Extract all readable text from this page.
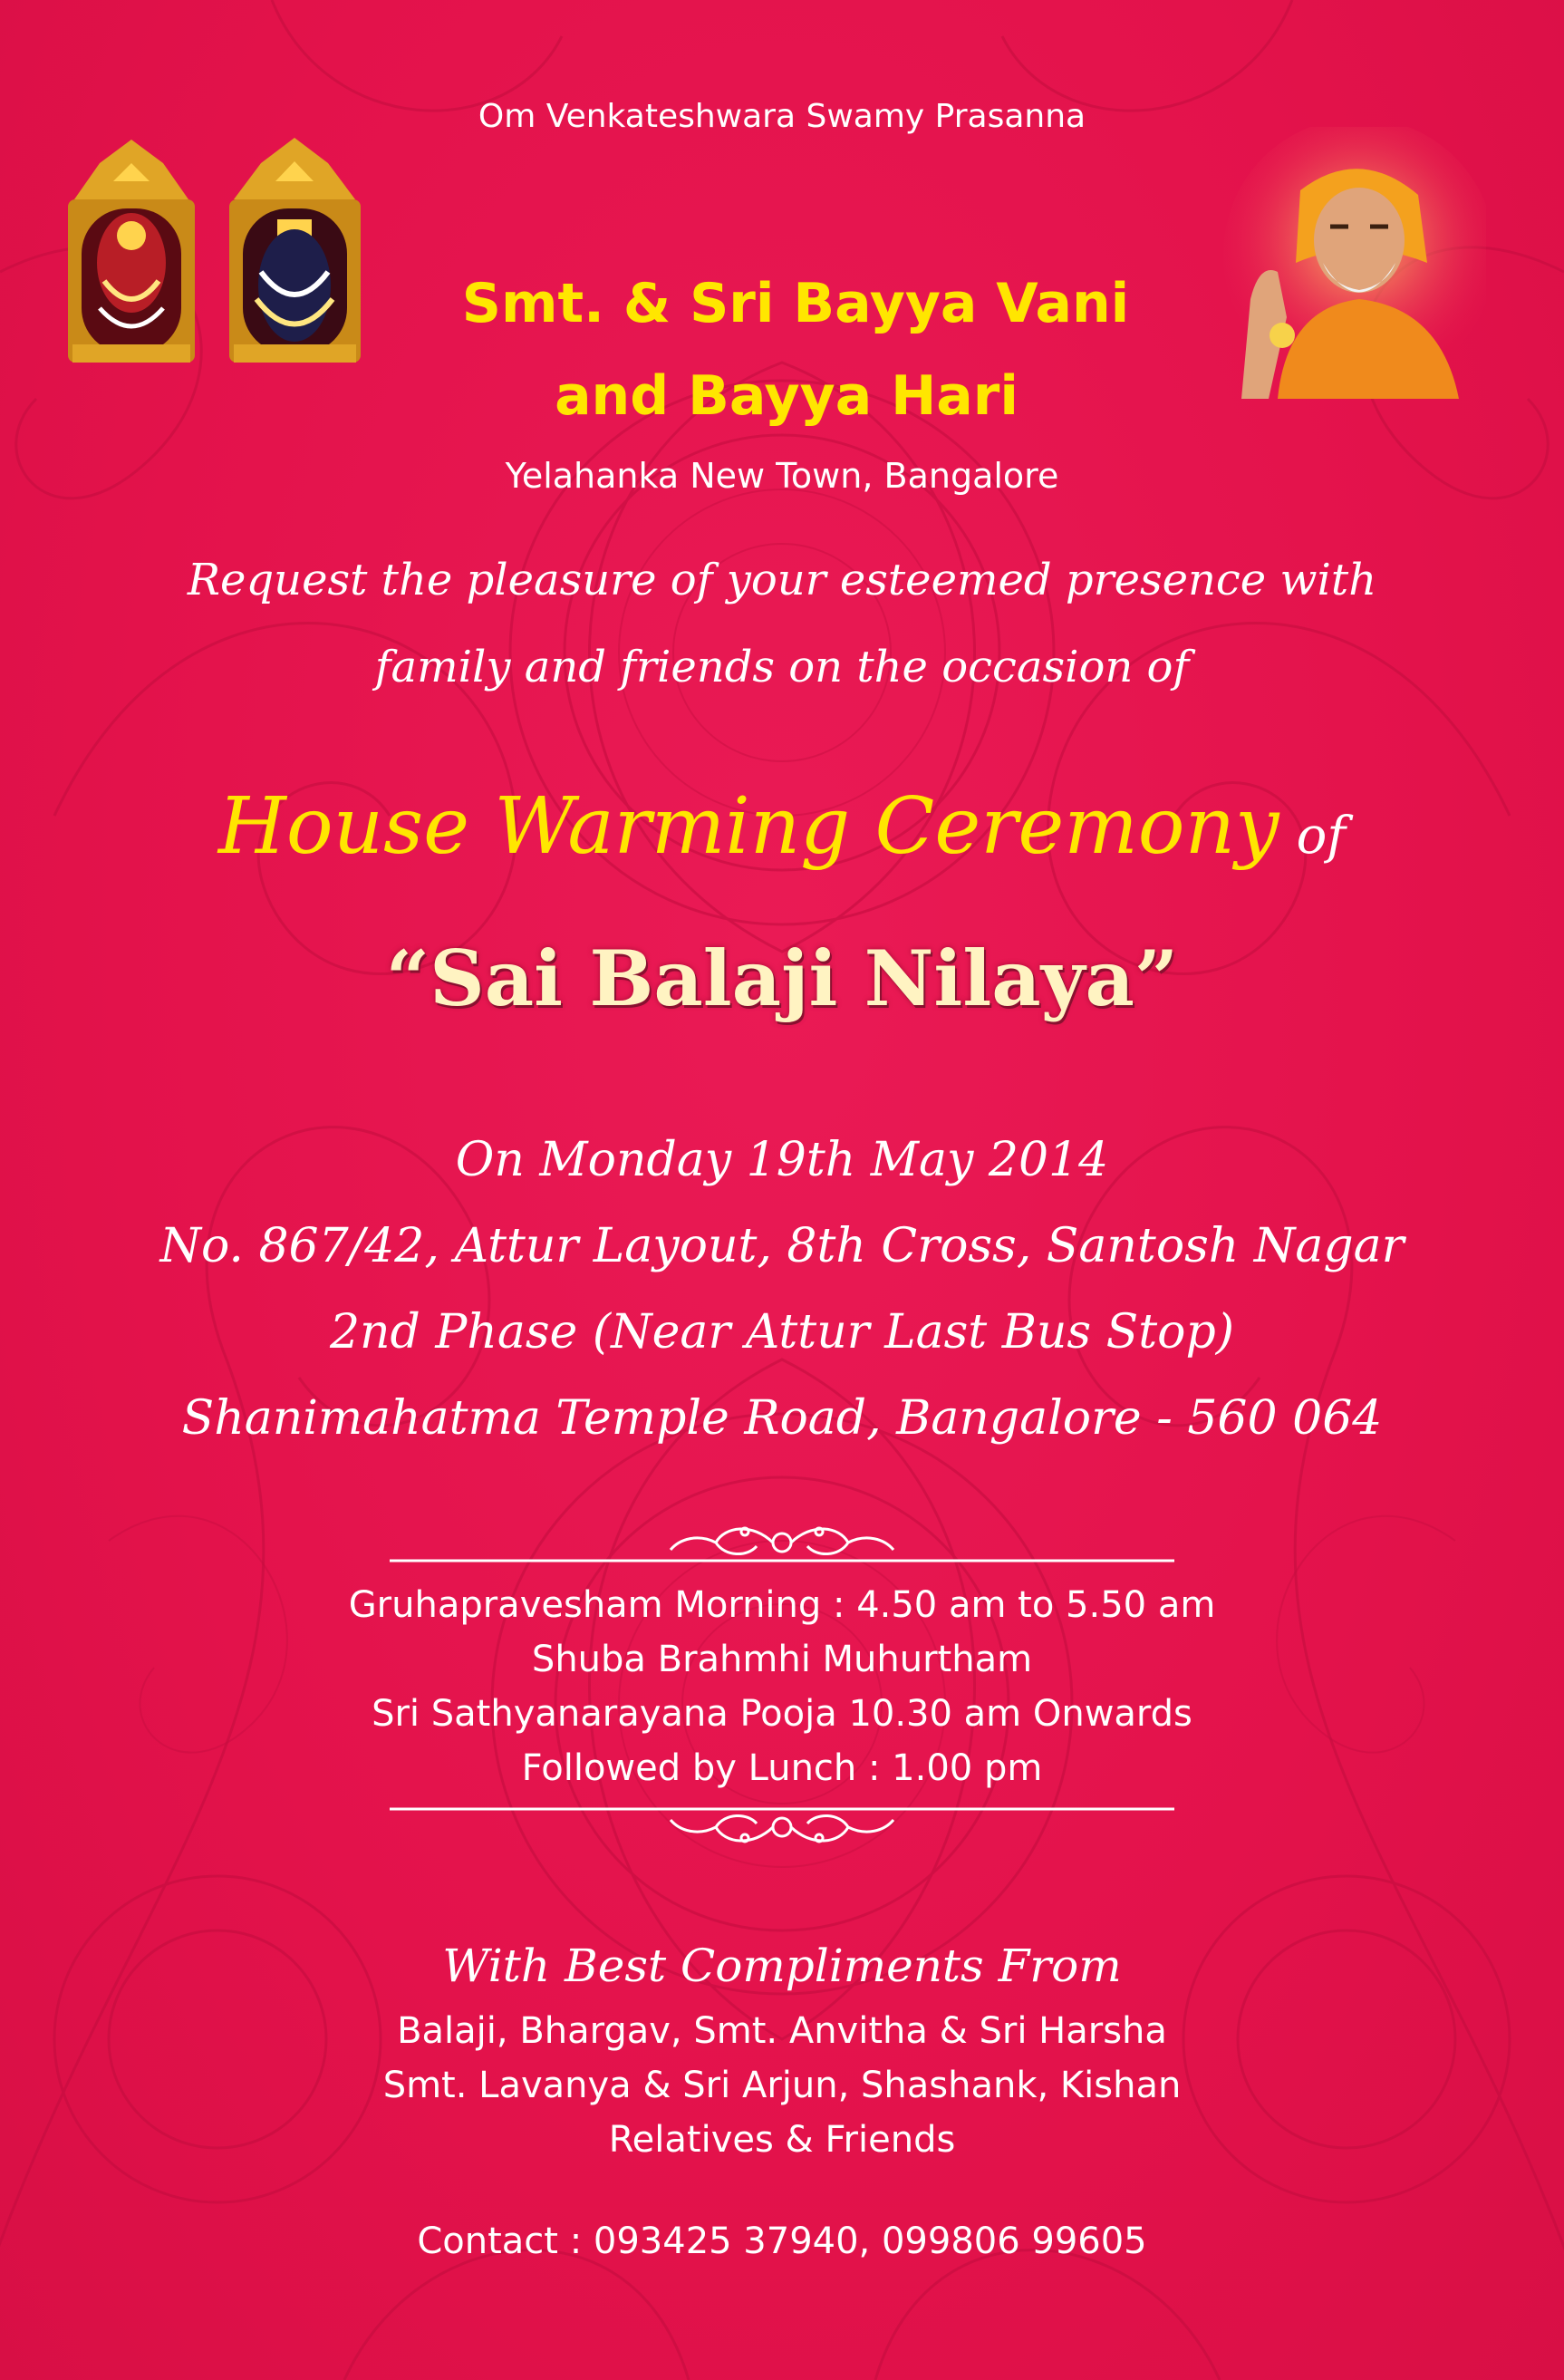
Om Venkateshwara Swamy Prasanna
Smt. & Sri Bayya Vani
and Bayya Hari
Yelahanka New Town, Bangalore
Request the pleasure of your esteemed presence with
family and friends on the occasion of
House Warming Ceremony of
“Sai Balaji Nilaya”
On Monday 19th May 2014
No. 867/42, Attur Layout, 8th Cross, Santosh Nagar
2nd Phase (Near Attur Last Bus Stop)
Shanimahatma Temple Road, Bangalore - 560 064
Gruhapravesham Morning : 4.50 am to 5.50 am
Shuba Brahmhi Muhurtham
Sri Sathyanarayana Pooja 10.30 am Onwards
Followed by Lunch : 1.00 pm
With Best Compliments From
Balaji, Bhargav, Smt. Anvitha & Sri Harsha
Smt. Lavanya & Sri Arjun, Shashank, Kishan
Relatives & Friends
Contact : 093425 37940, 099806 99605
